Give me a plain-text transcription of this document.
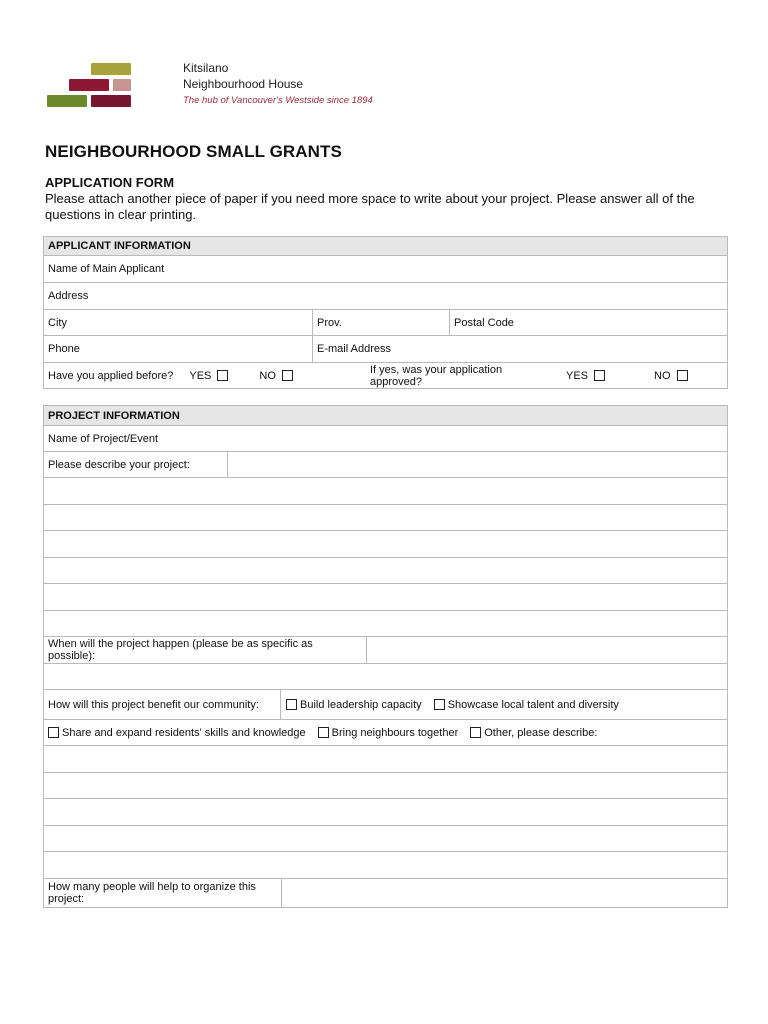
Kitsilano
Neighbourhood House
The hub of Vancouver's Westside since 1894
NEIGHBOURHOOD SMALL GRANTS
APPLICATION FORM
Please attach another piece of paper if you need more space to write about your project. Please answer all of the questions in clear printing.
APPLICANT INFORMATION
Name of Main Applicant
Address
City	Prov.	Postal Code
Phone	E-mail Address
Have you applied before? YES	NO	If yes, was your application approved?	YES	NO
PROJECT INFORMATION
Name of Project/Event
Please describe your project:
When will the project happen (please be as specific as possible):
How will this project benefit our community:	Build leadership capacity Showcase local talent and diversity
Share and expand residents' skills and knowledge Bring neighbours together Other, please describe:
How many people will help to organize this project:
